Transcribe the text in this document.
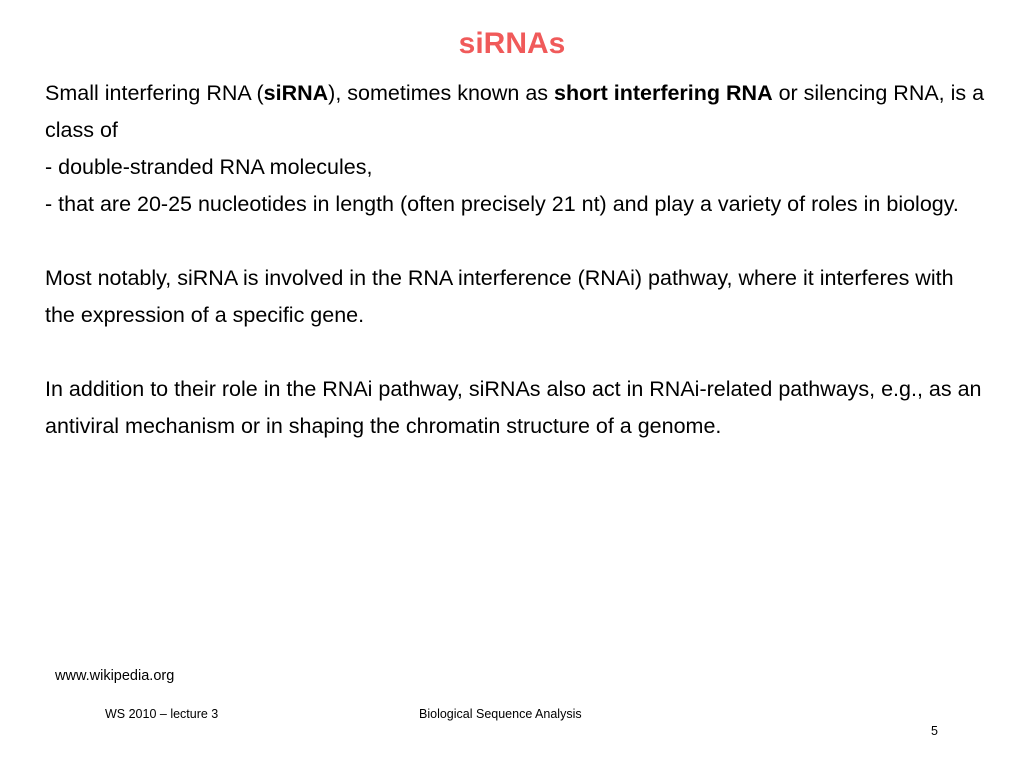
siRNAs

Small interfering RNA (siRNA), sometimes known as short interfering RNA or silencing RNA, is a class of

- double-stranded RNA molecules,

- that are 20-25 nucleotides in length (often precisely 21 nt) and play a variety of roles in biology.

Most notably, siRNA is involved in the RNA interference (RNAi) pathway, where it interferes with the expression of a specific gene.

In addition to their role in the RNAi pathway, siRNAs also act in RNAi-related pathways, e.g., as an antiviral mechanism or in shaping the chromatin structure of a genome.

www.wikipedia.org
WS 2010 – lecture 3	Biological Sequence Analysis
5
